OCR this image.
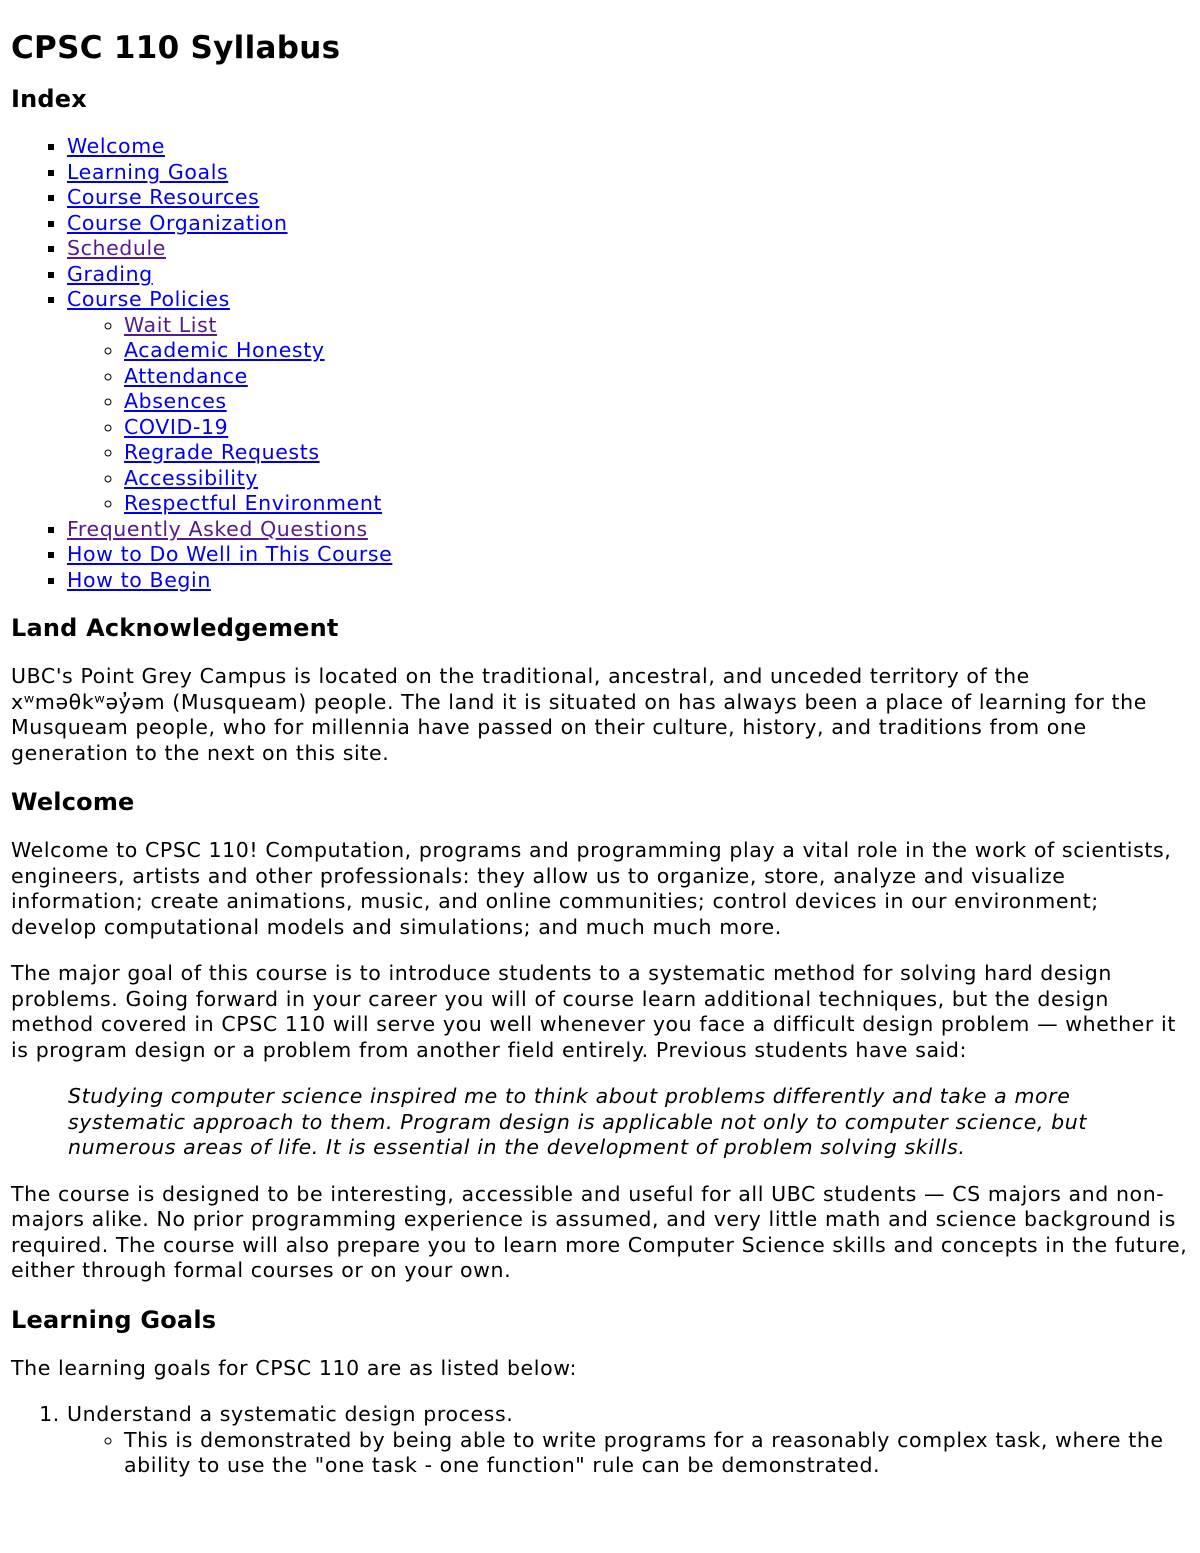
CPSC 110 Syllabus
Index
▪ Welcome
▪ Learning Goals
▪ Course Resources
▪ Course Organization
▪ Schedule
▪ Grading
▪ Course Policies
◦ Wait List
◦ Academic Honesty
◦ Attendance
◦ Absences
◦ COVID-19
◦ Regrade Requests
◦ Accessibility
◦ Respectful Environment
▪ Frequently Asked Questions
▪ How to Do Well in This Course
▪ How to Begin
Land Acknowledgement

UBC's Point Grey Campus is located on the traditional, ancestral, and unceded territory of the xʷməθkʷəy̓əm (Musqueam) people. The land it is situated on has always been a place of learning for the Musqueam people, who for millennia have passed on their culture, history, and traditions from one generation to the next on this site.

Welcome

Welcome to CPSC 110! Computation, programs and programming play a vital role in the work of scientists, engineers, artists and other professionals: they allow us to organize, store, analyze and visualize information; create animations, music, and online communities; control devices in our environment; develop computational models and simulations; and much much more.

The major goal of this course is to introduce students to a systematic method for solving hard design problems. Going forward in your career you will of course learn additional techniques, but the design method covered in CPSC 110 will serve you well whenever you face a difficult design problem — whether it is program design or a problem from another field entirely. Previous students have said:

Studying computer science inspired me to think about problems differently and take a more systematic approach to them. Program design is applicable not only to computer science, but numerous areas of life. It is essential in the development of problem solving skills.

The course is designed to be interesting, accessible and useful for all UBC students — CS majors and non-majors alike. No prior programming experience is assumed, and very little math and science background is required. The course will also prepare you to learn more Computer Science skills and concepts in the future, either through formal courses or on your own.

Learning Goals

The learning goals for CPSC 110 are as listed below:

1. Understand a systematic design process.
◦ This is demonstrated by being able to write programs for a reasonably complex task, where the ability to use the "one task - one function" rule can be demonstrated.
